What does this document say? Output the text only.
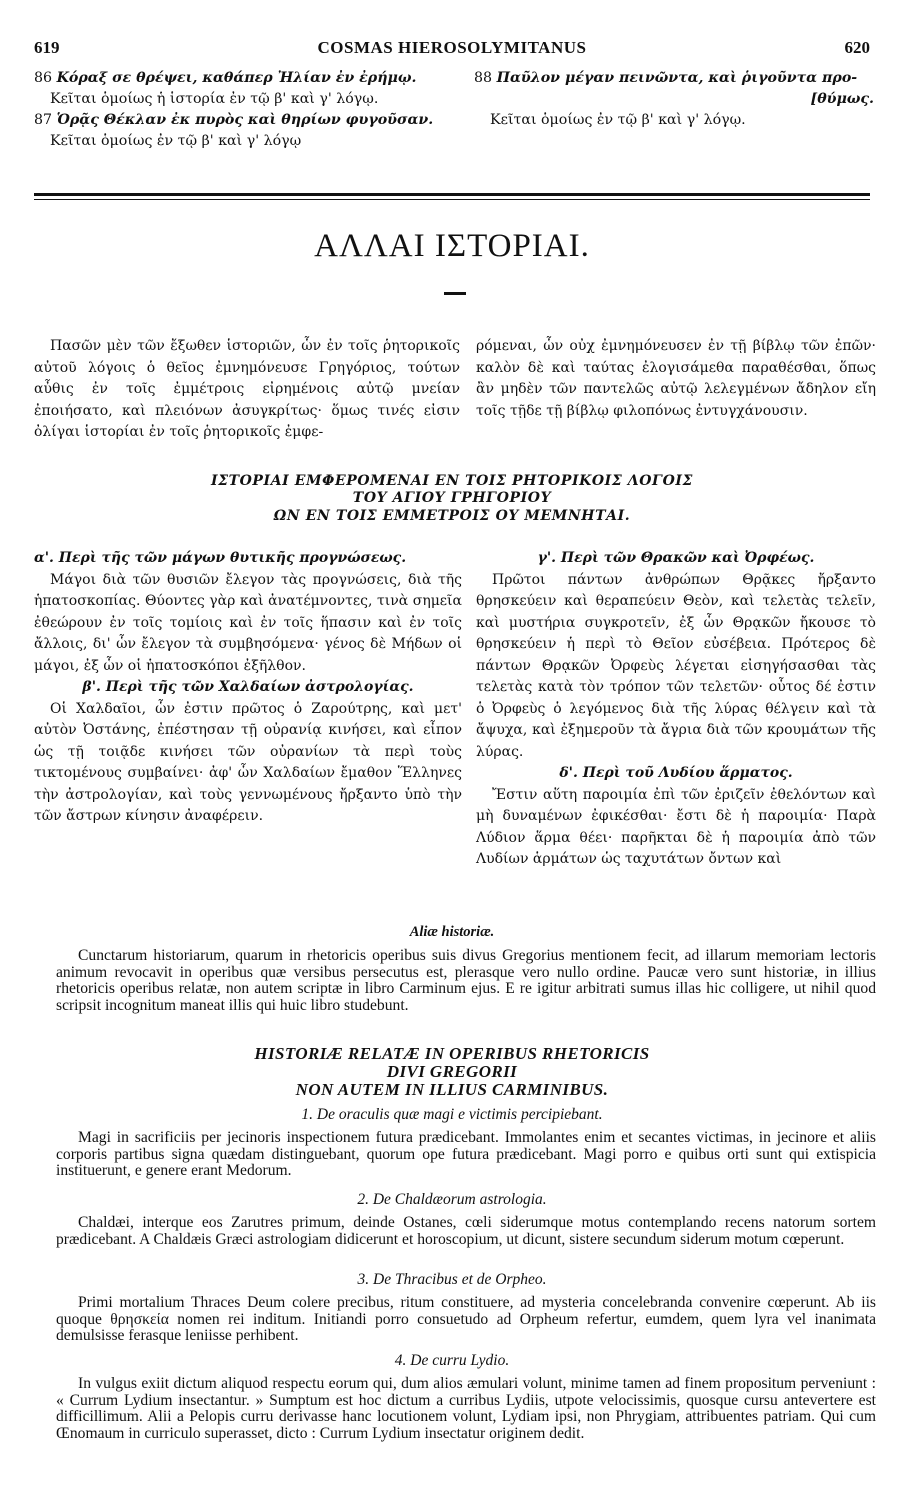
619	COSMAS HIEROSOLYMITANUS	620
86 Κόραξ σε θρέψει, καθάπερ Ἠλίαν ἐν ἐρήμῳ.
Κεῖται ὁμοίως ἡ ἱστορία ἐν τῷ β' καὶ γ' λόγῳ.
87 Ὁρᾷς Θέκλαν ἐκ πυρὸς καὶ θηρίων φυγοῦσαν.
Κεῖται ὁμοίως ἐν τῷ β' καὶ γ' λόγῳ
88 Παῦλον μέγαν πεινῶντα, καὶ ῥιγοῦντα προ-
[θύμως.
Κεῖται ὁμοίως ἐν τῷ β' καὶ γ' λόγῳ.
ΑΛΛΑΙ ΙΣΤΟΡΙΑΙ.
Πασῶν μὲν τῶν ἔξωθεν ἱστοριῶν, ὧν ἐν τοῖς ῥητορικοῖς αὐτοῦ λόγοις ὁ θεῖος ἐμνημόνευσε Γρηγόριος, τούτων αὖθις ἐν τοῖς ἐμμέτροις εἰρημένοις αὐτῷ μνείαν ἐποιήσατο, καὶ πλειόνων ἀσυγκρίτως· ὅμως τινές εἰσιν ὀλίγαι ἱστορίαι ἐν τοῖς ῥητορικοῖς ἐμφε-
ρόμεναι, ὧν οὐχ ἐμνημόνευσεν ἐν τῇ βίβλῳ τῶν ἐπῶν· καλὸν δὲ καὶ ταύτας ἐλογισάμεθα παραθέσθαι, ὅπως ἂν μηδὲν τῶν παντελῶς αὐτῷ λελεγμένων ἄδηλον εἴη τοῖς τῇδε τῇ βίβλῳ φιλοπόνως ἐντυγχάνουσιν.
ΙΣΤΟΡΙΑΙ ΕΜΦΕΡΟΜΕΝΑΙ ΕΝ ΤΟΙΣ ΡΗΤΟΡΙΚΟΙΣ ΛΟΓΟΙΣ
ΤΟΥ ΑΓΙΟΥ ΓΡΗΓΟΡΙΟΥ
ΩΝ ΕΝ ΤΟΙΣ ΕΜΜΕΤΡΟΙΣ ΟΥ ΜΕΜΝΗΤΑΙ.
α'. Περὶ τῆς τῶν μάγων θυτικῆς προγνώσεως.
Μάγοι διὰ τῶν θυσιῶν ἔλεγον τὰς προγνώσεις, διὰ τῆς ἡπατοσκοπίας. Θύοντες γὰρ καὶ ἀνατέμνοντες, τινὰ σημεῖα ἐθεώρουν ἐν τοῖς τομίοις καὶ ἐν τοῖς ἥπασιν καὶ ἐν τοῖς ἄλλοις, δι' ὧν ἔλεγον τὰ συμβησόμενα· γένος δὲ Μήδων οἱ μάγοι, ἐξ ὧν οἱ ἡπατοσκόποι ἐξῆλθον.
β'. Περὶ τῆς τῶν Χαλδαίων ἀστρολογίας.
Οἱ Χαλδαῖοι, ὧν ἐστιν πρῶτος ὁ Ζαρούτρης, καὶ μετ' αὐτὸν Ὀστάνης, ἐπέστησαν τῇ οὐρανίᾳ κινήσει, καὶ εἶπον ὡς τῇ τοιᾷδε κινήσει τῶν οὐρανίων τὰ περὶ τοὺς τικτομένους συμβαίνει· ἀφ' ὧν Χαλδαίων ἔμαθον Ἕλληνες τὴν ἀστρολογίαν, καὶ τοὺς γεννωμένους ἤρξαντο ὑπὸ τὴν τῶν ἄστρων κίνησιν ἀναφέρειν.
γ'. Περὶ τῶν Θρακῶν καὶ Ὀρφέως.
Πρῶτοι πάντων ἀνθρώπων Θρᾷκες ἤρξαντο θρησκεύειν καὶ θεραπεύειν Θεὸν, καὶ τελετὰς τελεῖν, καὶ μυστήρια συγκροτεῖν, ἐξ ὧν Θρᾳκῶν ἤκουσε τὸ θρησκεύειν ἡ περὶ τὸ Θεῖον εὐσέβεια. Πρότερος δὲ πάντων Θρᾳκῶν Ὀρφεὺς λέγεται εἰσηγήσασθαι τὰς τελετὰς κατὰ τὸν τρόπον τῶν τελετῶν· οὗτος δέ ἐστιν ὁ Ὀρφεὺς ὁ λεγόμενος διὰ τῆς λύρας θέλγειν καὶ τὰ ἄψυχα, καὶ ἐξημεροῦν τὰ ἄγρια διὰ τῶν κρουμάτων τῆς λύρας.
δ'. Περὶ τοῦ Λυδίου ἅρματος.
Ἔστιν αὕτη παροιμία ἐπὶ τῶν ἐριζεῖν ἐθελόντων καὶ μὴ δυναμένων ἐφικέσθαι· ἔστι δὲ ἡ παροιμία· Παρὰ Λύδιον ἅρμα θέει· παρῆκται δὲ ἡ παροιμία ἀπὸ τῶν Λυδίων ἁρμάτων ὡς ταχυτάτων ὄντων καὶ
Aliæ historiæ.
Cunctarum historiarum, quarum in rhetoricis operibus suis divus Gregorius mentionem fecit, ad illarum memoriam lectoris animum revocavit in operibus quæ versibus persecutus est, plerasque vero nullo ordine. Paucæ vero sunt historiæ, in illius rhetoricis operibus relatæ, non autem scriptæ in libro Carminum ejus. E re igitur arbitrati sumus illas hic colligere, ut nihil quod scripsit incognitum maneat illis qui huic libro studebunt.
HISTORIÆ RELATÆ IN OPERIBUS RHETORICIS
DIVI GREGORII
NON AUTEM IN ILLIUS CARMINIBUS.
1. De oraculis quæ magi e victimis percipiebant.
Magi in sacrificiis per jecinoris inspectionem futura prædicebant. Immolantes enim et secantes victimas, in jecinore et aliis corporis partibus signa quædam distinguebant, quorum ope futura prædicebant. Magi porro e quibus orti sunt qui extispicia instituerunt, e genere erant Medorum.
2. De Chaldæorum astrologia.
Chaldæi, interque eos Zarutres primum, deinde Ostanes, cœli siderumque motus contemplando recens natorum sortem prædicebant. A Chaldæis Græci astrologiam didicerunt et horoscopium, ut dicunt, sistere secundum siderum motum cœperunt.
3. De Thracibus et de Orpheo.
Primi mortalium Thraces Deum colere precibus, ritum constituere, ad mysteria concelebranda convenire cœperunt. Ab iis quoque θρησκεία nomen rei inditum. Initiandi porro consuetudo ad Orpheum refertur, eumdem, quem lyra vel inanimata demulsisse ferasque leniisse perhibent.
4. De curru Lydio.
In vulgus exiit dictum aliquod respectu eorum qui, dum alios æmulari volunt, minime tamen ad finem propositum perveniunt : « Currum Lydium insectantur. » Sumptum est hoc dictum a curribus Lydiis, utpote velocissimis, quosque cursu antevertere est difficillimum. Alii a Pelopis curru derivasse hanc locutionem volunt, Lydiam ipsi, non Phrygiam, attribuentes patriam. Qui cum Œnomaum in curriculo superasset, dicto : Currum Lydium insectatur originem dedit.
